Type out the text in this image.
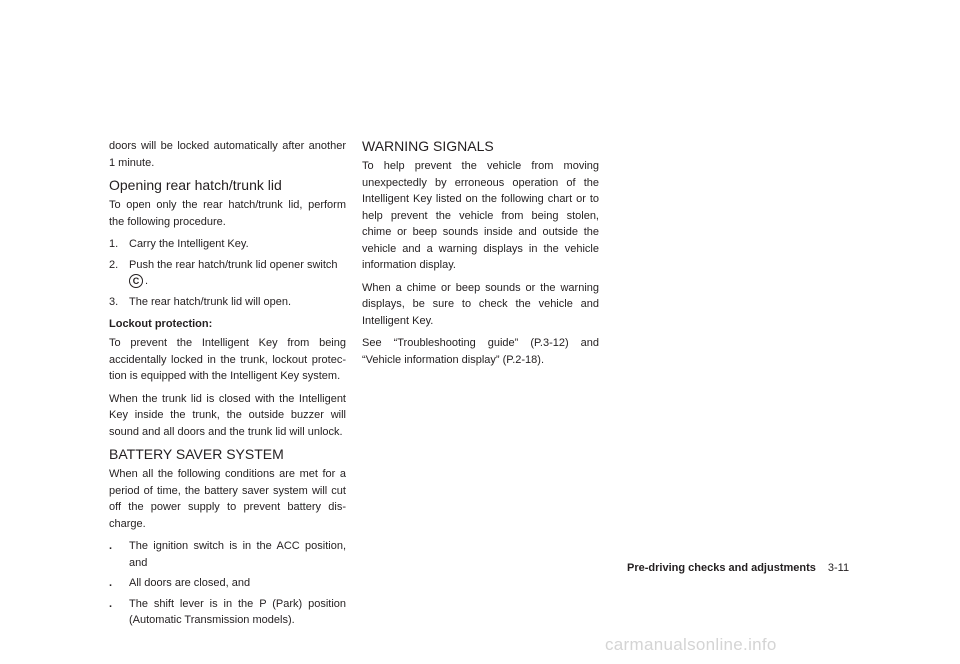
doors will be locked automatically after another 1 minute.

Opening rear hatch/trunk lid

To open only the rear hatch/trunk lid, perform the following procedure.

1. Carry the Intelligent Key.
2. Push the rear hatch/trunk lid opener switch
C .
3. The rear hatch/trunk lid will open.
Lockout protection:

To prevent the Intelligent Key from being accidentally locked in the trunk, lockout protec-tion is equipped with the Intelligent Key system.

When the trunk lid is closed with the Intelligent Key inside the trunk, the outside buzzer will sound and all doors and the trunk lid will unlock.

BATTERY SAVER SYSTEM

When all the following conditions are met for a period of time, the battery saver system will cut off the power supply to prevent battery dis-charge.

. The ignition switch is in the ACC position, and
. All doors are closed, and
. The shift lever is in the P (Park) position (Automatic Transmission models).
WARNING SIGNALS

To help prevent the vehicle from moving unexpectedly by erroneous operation of the Intelligent Key listed on the following chart or to help prevent the vehicle from being stolen, chime or beep sounds inside and outside the vehicle and a warning displays in the vehicle information display.

When a chime or beep sounds or the warning displays, be sure to check the vehicle and Intelligent Key.

See “Troubleshooting guide” (P.3-12) and “Vehicle information display” (P.2-18).

Pre-driving checks and adjustments 3-11
carmanualsonline.info
